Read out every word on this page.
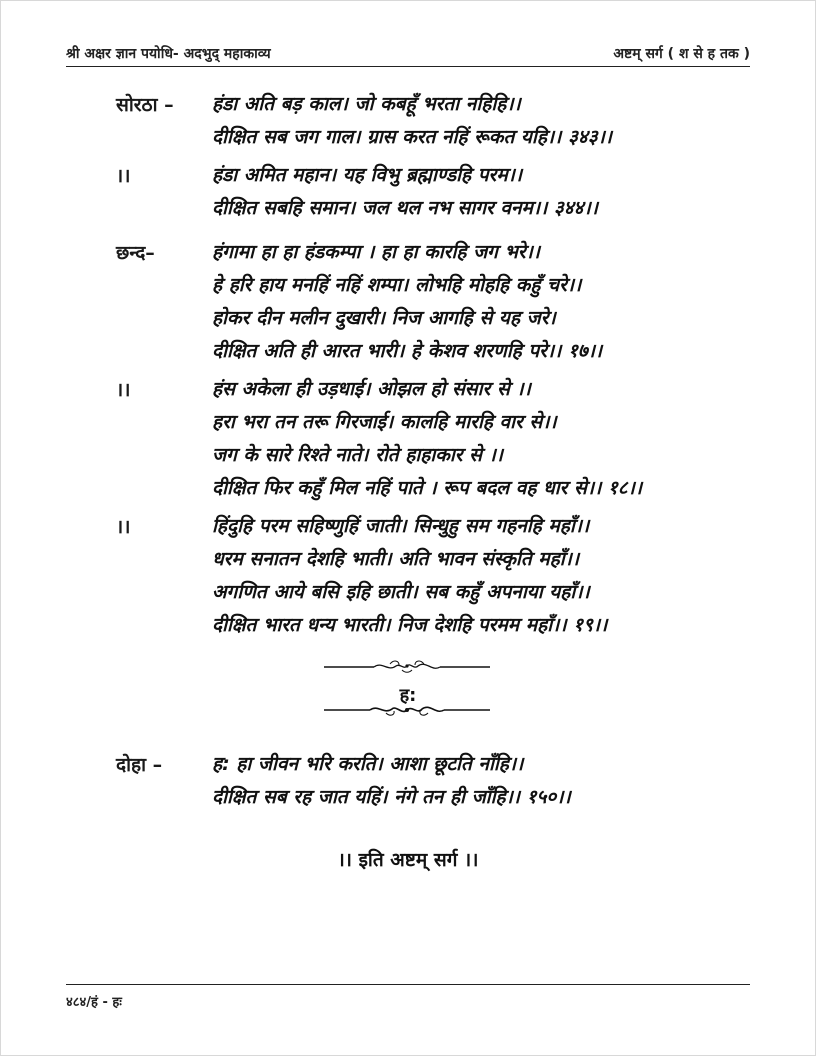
श्री अक्षर ज्ञान पयोधि- अदभुद् महाकाव्य	अष्टम् सर्ग ( श से ह तक )
सोरठा – हंडा अति बड़ काल। जो कबहूँ भरता नहिहि।।
दीक्षित सब जग गाल। ग्रास करत नहिं रूकत यहि।। ३४३।।
।।	हंडा अमित महान। यह विभु ब्रह्माण्डहि परम।।
दीक्षित सबहि समान। जल थल नभ सागर वनम।। ३४४।।
छन्द–	हंगामा हा हा हंडकम्पा । हा हा कारहि जग भरे।।
हे हरि हाय मनहिं नहिं शम्पा। लोभहि मोहहि कहुँ चरे।।
होकर दीन मलीन दुखारी। निज आगहि से यह जरे।
दीक्षित अति ही आरत भारी। हे केशव शरणहि परे।। १७।।
।।	हंस अकेला ही उड़धाई। ओझल हो संसार से ।।
हरा भरा तन तरू गिरजाई। कालहि मारहि वार से।।
जग के सारे रिश्ते नाते। रोते हाहाकार से ।।
दीक्षित फिर कहुँ मिल नहिं पाते । रूप बदल वह धार से।। १८।।
।।	हिंदुहि परम सहिष्णुहिं जाती। सिन्धुहु सम गहनहि महाँ।।
धरम सनातन देशहि भाती। अति भावन संस्कृति महाँ।।
अगणित आये बसि इहि छाती। सब कहुँ अपनाया यहाँ।।
दीक्षित भारत धन्य भारती। निज देशहि परमम महाँ।। १९।।
ह:
दोहा –	ह: हा जीवन भरि करति। आशा छूटति नाँहि।।
दीक्षित सब रह जात यहिं। नंगे तन ही जाँहि।। १५०।।
।। इति अष्टम् सर्ग ।।
४८४/हं - हः
